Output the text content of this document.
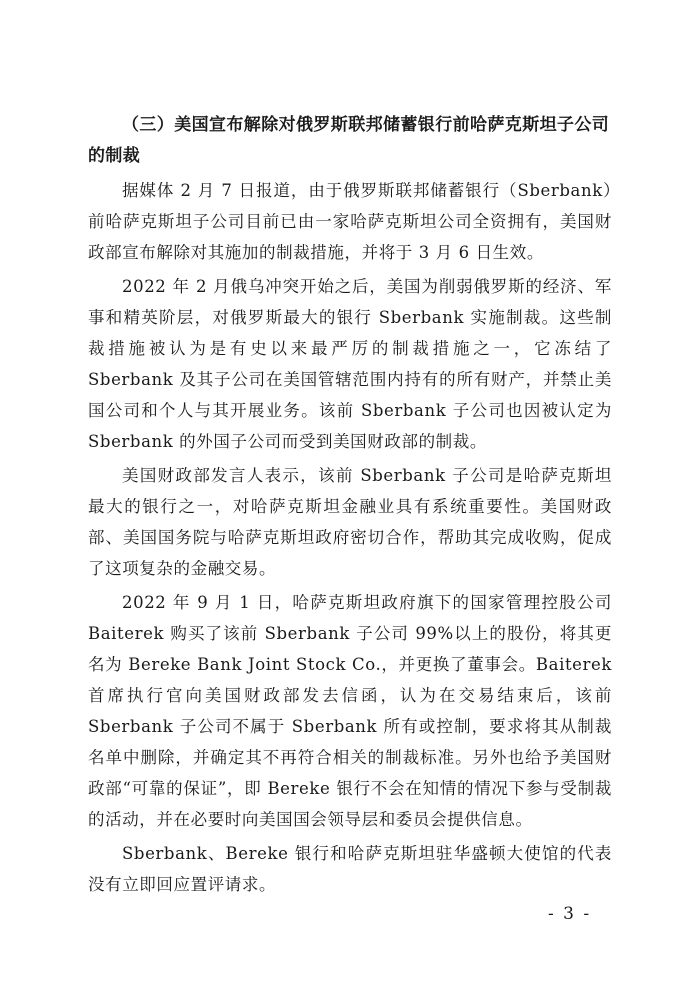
（三）美国宣布解除对俄罗斯联邦储蓄银行前哈萨克斯坦子公司的制裁

据媒体 2 月 7 日报道，由于俄罗斯联邦储蓄银行（Sberbank）前哈萨克斯坦子公司目前已由一家哈萨克斯坦公司全资拥有，美国财政部宣布解除对其施加的制裁措施，并将于 3 月 6 日生效。

2022 年 2 月俄乌冲突开始之后，美国为削弱俄罗斯的经济、军事和精英阶层，对俄罗斯最大的银行 Sberbank 实施制裁。这些制裁措施被认为是有史以来最严厉的制裁措施之一，它冻结了 Sberbank 及其子公司在美国管辖范围内持有的所有财产，并禁止美国公司和个人与其开展业务。该前 Sberbank 子公司也因被认定为 Sberbank 的外国子公司而受到美国财政部的制裁。

美国财政部发言人表示，该前 Sberbank 子公司是哈萨克斯坦最大的银行之一，对哈萨克斯坦金融业具有系统重要性。美国财政部、美国国务院与哈萨克斯坦政府密切合作，帮助其完成收购，促成了这项复杂的金融交易。

2022 年 9 月 1 日，哈萨克斯坦政府旗下的国家管理控股公司 Baiterek 购买了该前 Sberbank 子公司 99%以上的股份，将其更名为 Bereke Bank Joint Stock Co.，并更换了董事会。Baiterek 首席执行官向美国财政部发去信函，认为在交易结束后，该前 Sberbank 子公司不属于 Sberbank 所有或控制，要求将其从制裁名单中删除，并确定其不再符合相关的制裁标准。另外也给予美国财政部“可靠的保证”，即 Bereke 银行不会在知情的情况下参与受制裁的活动，并在必要时向美国国会领导层和委员会提供信息。

Sberbank、Bereke 银行和哈萨克斯坦驻华盛顿大使馆的代表没有立即回应置评请求。

- 3 -
